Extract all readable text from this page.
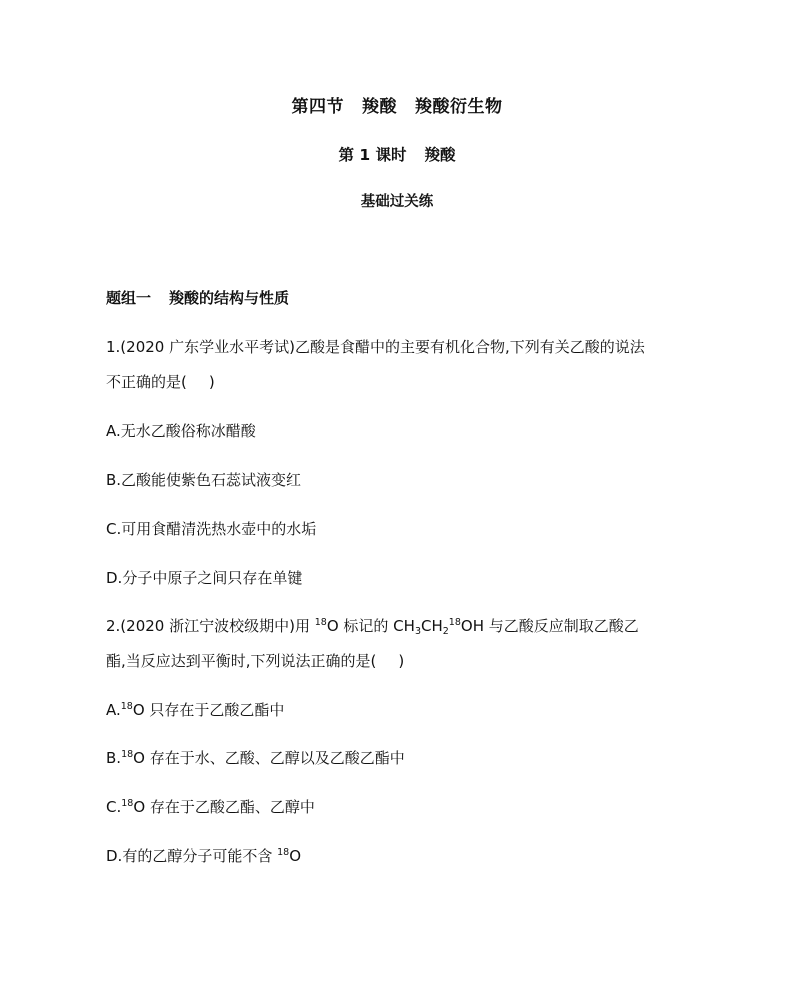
第四节 羧酸 羧酸衍生物
第 1 课时 羧酸
基础过关练
题组一 羧酸的结构与性质
1.(2020 广东学业水平考试)乙酸是食醋中的主要有机化合物,下列有关乙酸的说法
不正确的是( )
A.无水乙酸俗称冰醋酸
B.乙酸能使紫色石蕊试液变红
C.可用食醋清洗热水壶中的水垢
D.分子中原子之间只存在单键
2.(2020 浙江宁波校级期中)用 $^{18}$O 标记的 $CH_3CH_2^{18}OH$ 与乙酸反应制取乙酸乙
酯,当反应达到平衡时,下列说法正确的是( )
A.$^{18}$O 只存在于乙酸乙酯中
B.$^{18}$O 存在于水、乙酸、乙醇以及乙酸乙酯中
C.$^{18}$O 存在于乙酸乙酯、乙醇中
D.有的乙醇分子可能不含 $^{18}$O
